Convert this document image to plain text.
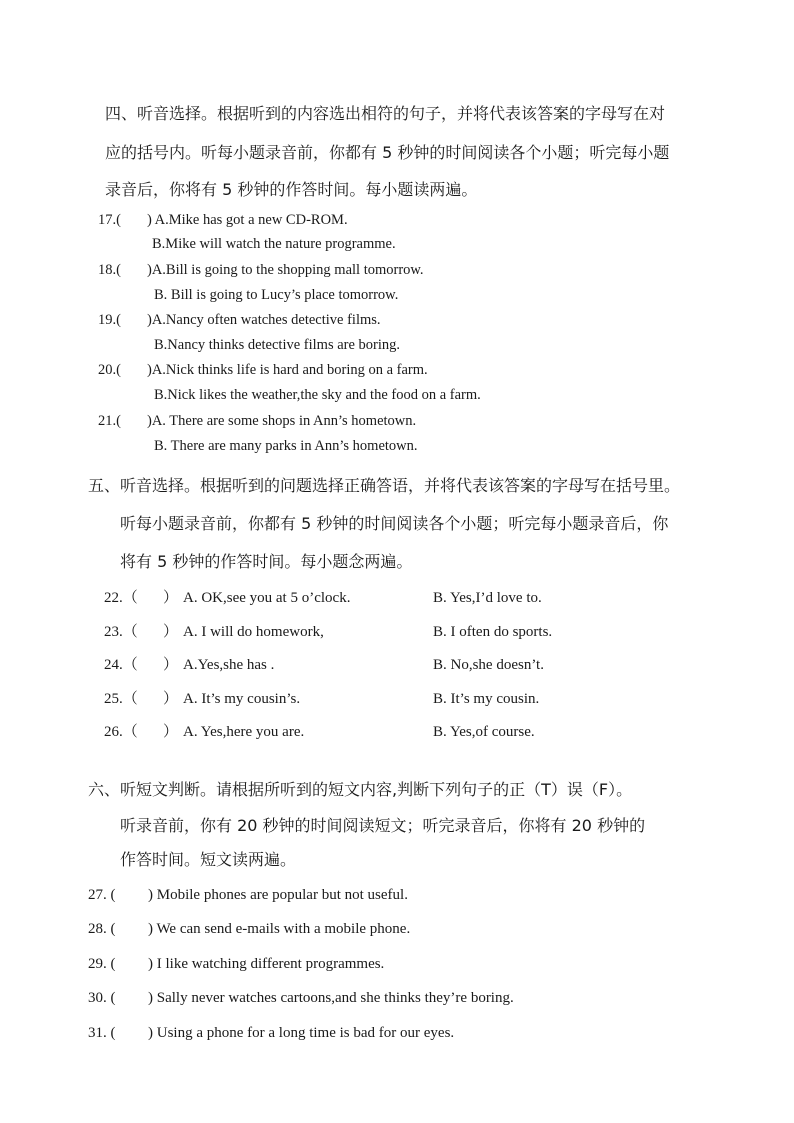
四、听音选择。根据听到的内容选出相符的句子，并将代表该答案的字母写在对
应的括号内。听每小题录音前，你都有 5 秒钟的时间阅读各个小题；听完每小题
录音后，你将有 5 秒钟的作答时间。每小题读两遍。
17.( ) A.Mike has got a new CD-ROM.
B.Mike will watch the nature programme.
18.( )A.Bill is going to the shopping mall tomorrow.
B. Bill is going to Lucy’s place tomorrow.
19.( )A.Nancy often watches detective films.
B.Nancy thinks detective films are boring.
20.( )A.Nick thinks life is hard and boring on a farm.
B.Nick likes the weather,the sky and the food on a farm.
21.( )A. There are some shops in Ann’s hometown.
B. There are many parks in Ann’s hometown.
五、听音选择。根据听到的问题选择正确答语，并将代表该答案的字母写在括号里。
听每小题录音前，你都有 5 秒钟的时间阅读各个小题；听完每小题录音后，你
将有 5 秒钟的作答时间。每小题念两遍。
22.（ ） A. OK,see you at 5 o’clock.	B. Yes,I’d love to.
23.（ ） A. I will do homework,	B. I often do sports.
24.（ ） A.Yes,she has .	B. No,she doesn’t.
25.（ ） A. It’s my cousin’s.	B. It’s my cousin.
26.（ ） A. Yes,here you are.	B. Yes,of course.
六、听短文判断。请根据所听到的短文内容,判断下列句子的正（T）误（F）。
听录音前，你有 20 秒钟的时间阅读短文；听完录音后，你将有 20 秒钟的
作答时间。短文读两遍。
27. ( ) Mobile phones are popular but not useful.
28. ( ) We can send e-mails with a mobile phone.
29. ( ) I like watching different programmes.
30. ( ) Sally never watches cartoons,and she thinks they’re boring.
31. ( ) Using a phone for a long time is bad for our eyes.
